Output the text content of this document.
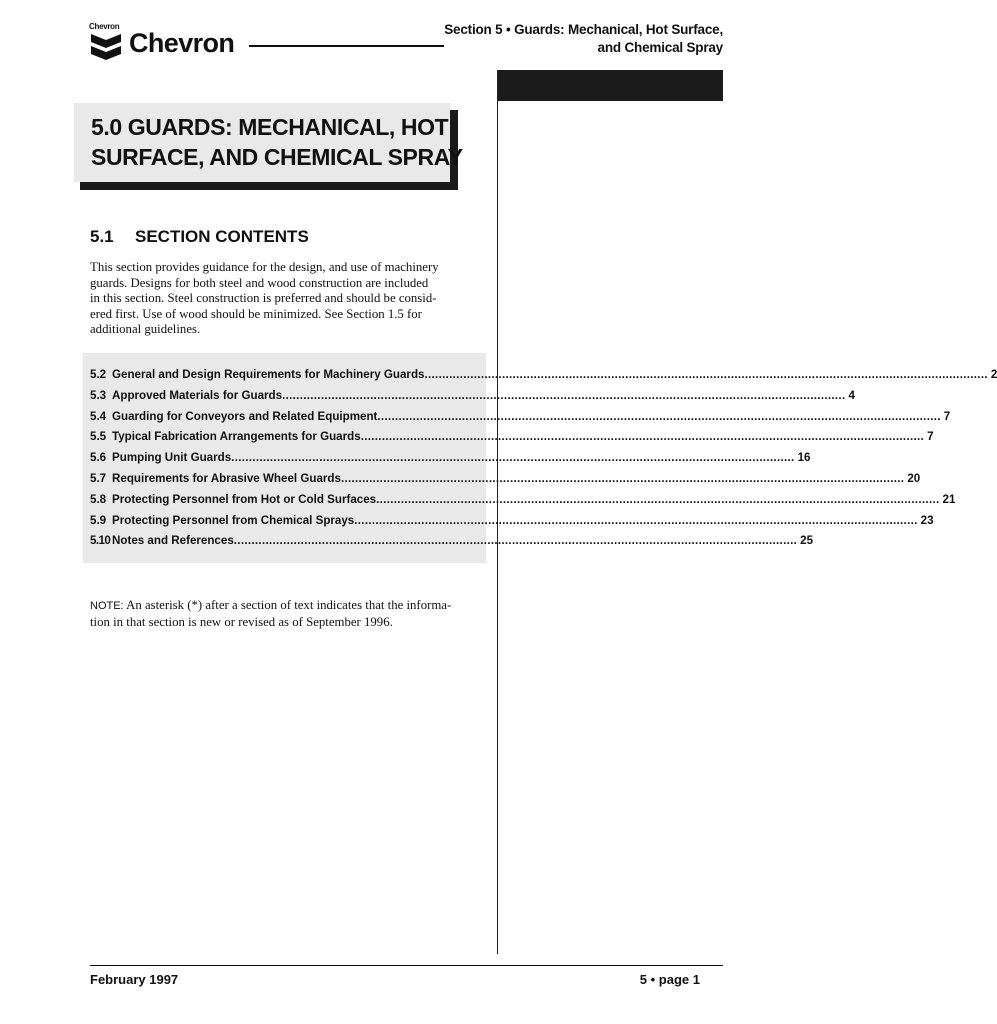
Chevron
Chevron	Section 5 • Guards: Mechanical, Hot Surface,
and Chemical Spray
5.0 GUARDS: MECHANICAL, HOT
SURFACE, AND CHEMICAL SPRAY
5.1 SECTION CONTENTS
This section provides guidance for the design, and use of machinery
guards. Designs for both steel and wood construction are included
in this section. Steel construction is preferred and should be consid-
ered first. Use of wood should be minimized. See Section 1.5 for
additional guidelines.
5.2 General and Design Requirements for Machinery Guards ................................................................................................................................................................ 2
5.3 Approved Materials for Guards ................................................................................................................................................................ 4
5.4 Guarding for Conveyors and Related Equipment ................................................................................................................................................................ 7
5.5 Typical Fabrication Arrangements for Guards ................................................................................................................................................................ 7
5.6 Pumping Unit Guards ................................................................................................................................................................ 16
5.7 Requirements for Abrasive Wheel Guards ................................................................................................................................................................ 20
5.8 Protecting Personnel from Hot or Cold Surfaces ................................................................................................................................................................ 21
5.9 Protecting Personnel from Chemical Sprays ................................................................................................................................................................ 23
5.10 Notes and References ................................................................................................................................................................ 25
NOTE: An asterisk (*) after a section of text indicates that the informa-
tion in that section is new or revised as of September 1996.
February 1997	5 • page 1
